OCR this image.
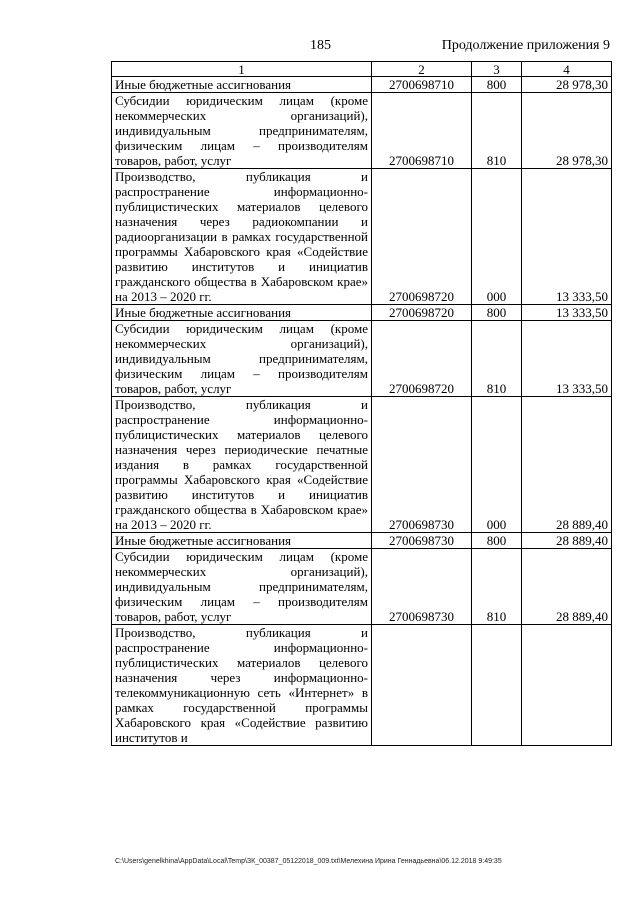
185	Продолжение приложения 9
1	2	3	4
Иные бюджетные ассигнования	2700698710	800	28 978,30
Субсидии юридическим лицам (кроме некоммерческих организаций), индивидуальным предпринимателям, физическим лицам – производителям товаров, работ, услуг	2700698710	810	28 978,30
Производство, публикация и распространение информационно-публицистических материалов целевого назначения через радиокомпании и радиоорганизации в рамках государственной программы Хабаровского края «Содействие развитию институтов и инициатив гражданского общества в Хабаровском крае» на 2013 – 2020 гг.	2700698720	000	13 333,50
Иные бюджетные ассигнования	2700698720	800	13 333,50
Субсидии юридическим лицам (кроме некоммерческих организаций), индивидуальным предпринимателям, физическим лицам – производителям товаров, работ, услуг	2700698720	810	13 333,50
Производство, публикация и распространение информационно-публицистических материалов целевого назначения через периодические печатные издания в рамках государственной программы Хабаровского края «Содействие развитию институтов и инициатив гражданского общества в Хабаровском крае» на 2013 – 2020 гг.	2700698730	000	28 889,40
Иные бюджетные ассигнования	2700698730	800	28 889,40
Субсидии юридическим лицам (кроме некоммерческих организаций), индивидуальным предпринимателям, физическим лицам – производителям товаров, работ, услуг	2700698730	810	28 889,40
Производство, публикация и распространение информационно-публицистических материалов целевого назначения через информационно-телекоммуникационную сеть «Интернет» в рамках государственной программы Хабаровского края «Содействие развитию институтов и			
C:\Users\genelkhina\AppData\Local\Temp\ЗК_00387_05122018_009.txt\Мелехина Ирина Геннадьевна\06.12.2018 9:49:35
